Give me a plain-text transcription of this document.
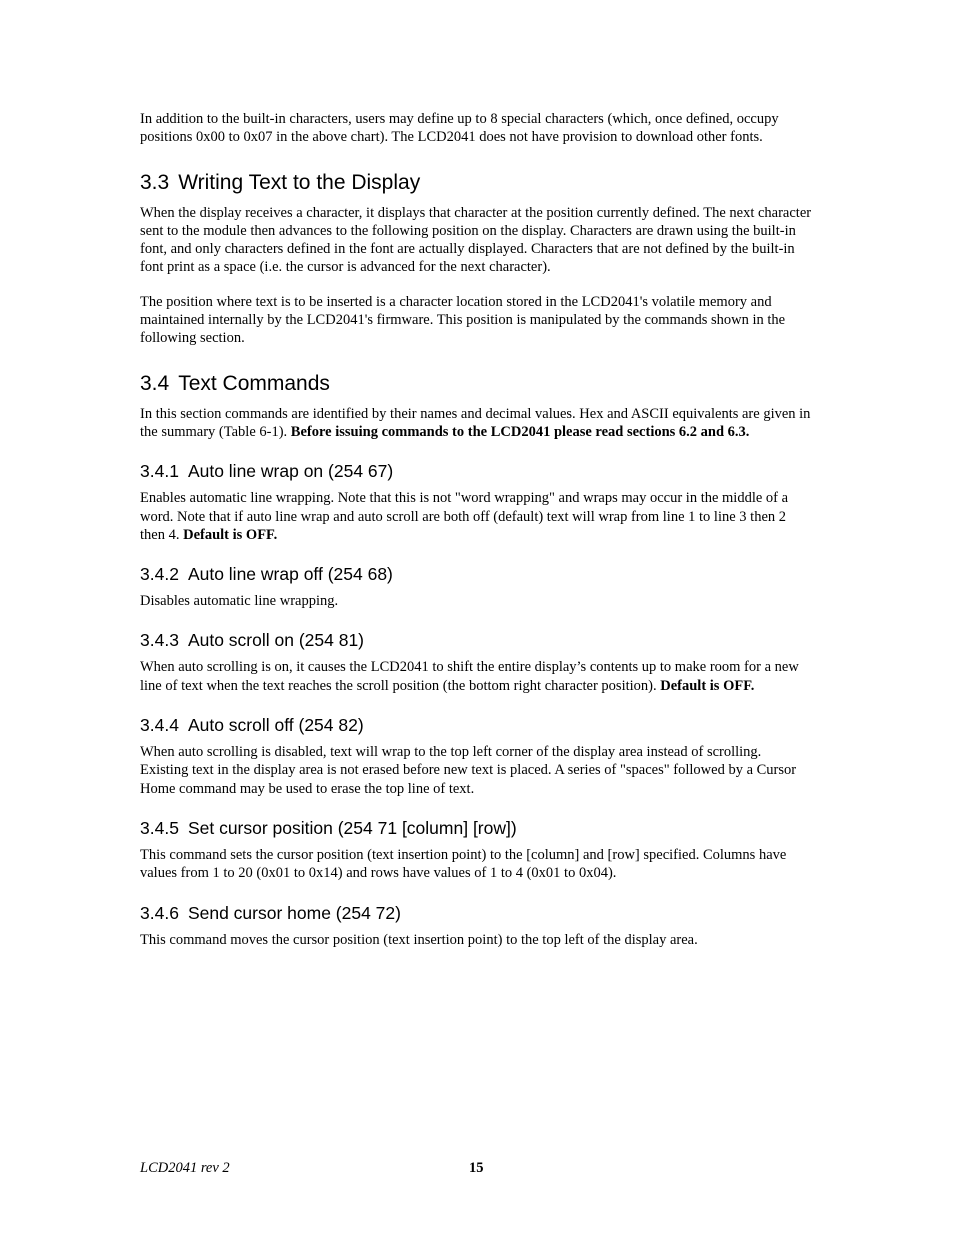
In addition to the built-in characters, users may define up to 8 special characters (which, once defined, occupy positions 0x00 to 0x07 in the above chart). The LCD2041 does not have provision to download other fonts.

3.3 Writing Text to the Display

When the display receives a character, it displays that character at the position currently defined. The next character sent to the module then advances to the following position on the display. Characters are drawn using the built-in font, and only characters defined in the font are actually displayed. Characters that are not defined by the built-in font print as a space (i.e. the cursor is advanced for the next character).

The position where text is to be inserted is a character location stored in the LCD2041's volatile memory and maintained internally by the LCD2041's firmware. This position is manipulated by the commands shown in the following section.

3.4 Text Commands

In this section commands are identified by their names and decimal values. Hex and ASCII equivalents are given in the summary (Table 6-1). Before issuing commands to the LCD2041 please read sections 6.2 and 6.3.

3.4.1 Auto line wrap on (254 67)

Enables automatic line wrapping. Note that this is not "word wrapping" and wraps may occur in the middle of a word. Note that if auto line wrap and auto scroll are both off (default) text will wrap from line 1 to line 3 then 2 then 4. Default is OFF.

3.4.2 Auto line wrap off (254 68)

Disables automatic line wrapping.

3.4.3 Auto scroll on (254 81)

When auto scrolling is on, it causes the LCD2041 to shift the entire display’s contents up to make room for a new line of text when the text reaches the scroll position (the bottom right character position). Default is OFF.

3.4.4 Auto scroll off (254 82)

When auto scrolling is disabled, text will wrap to the top left corner of the display area instead of scrolling. Existing text in the display area is not erased before new text is placed. A series of "spaces" followed by a Cursor Home command may be used to erase the top line of text.

3.4.5 Set cursor position (254 71 [column] [row])

This command sets the cursor position (text insertion point) to the [column] and [row] specified. Columns have values from 1 to 20 (0x01 to 0x14) and rows have values of 1 to 4 (0x01 to 0x04).

3.4.6 Send cursor home (254 72)

This command moves the cursor position (text insertion point) to the top left of the display area.

LCD2041 rev 2	15
